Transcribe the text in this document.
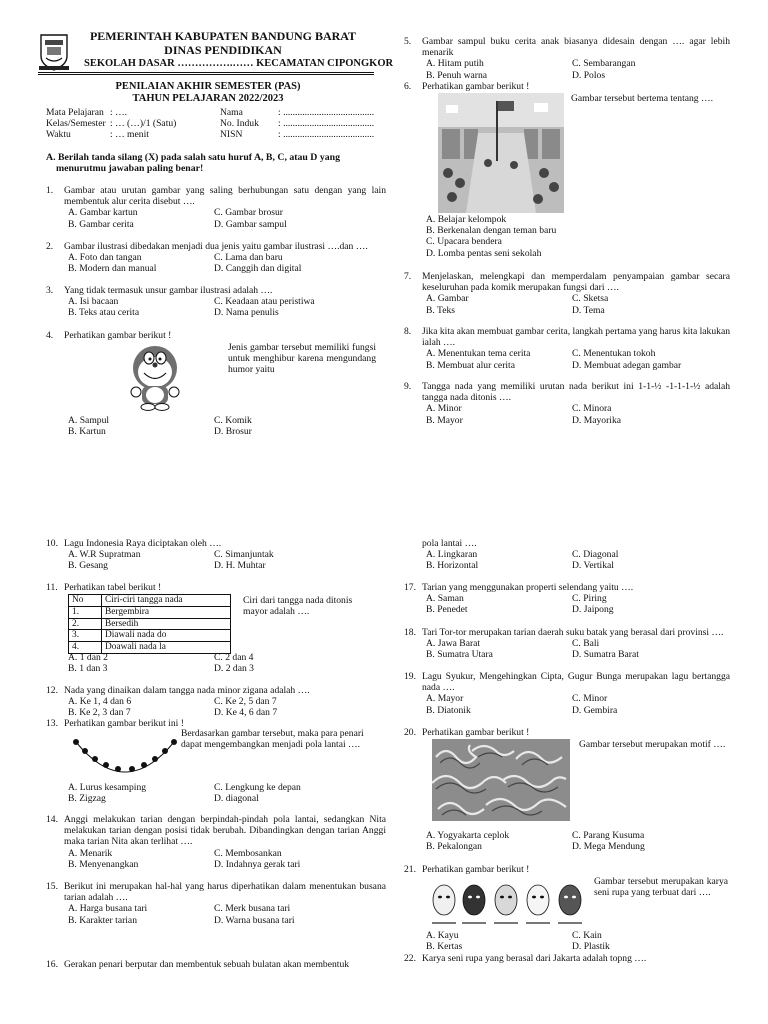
PEMERINTAH KABUPATEN BANDUNG BARAT
DINAS PENDIDIKAN
SEKOLAH DASAR …………….…… KECAMATAN CIPONGKOR
PENILAIAN AKHIR SEMESTER (PAS)
TAHUN PELAJARAN 2022/2023
Mata Pelajaran : ….	Nama	: ......................................
Kelas/Semester : … (…)/1 (Satu)	No. Induk : ......................................
Waktu	: … menit	NISN	: ......................................
A. Berilah tanda silang (X) pada salah satu huruf A, B, C, atau D yang
menurutmu jawaban paling benar!
1.	Gambar atau urutan gambar yang saling berhubungan satu dengan yang lain membentuk alur cerita disebut ….
A. Gambar kartun	C. Gambar brosur
B. Gambar cerita	D. Gambar sampul
2.	Gambar ilustrasi dibedakan menjadi dua jenis yaitu gambar ilustrasi ….dan ….
A. Foto dan tangan	C. Lama dan baru
B. Modern dan manual	D. Canggih dan digital
3.	Yang tidak termasuk unsur gambar ilustrasi adalah ….
A. Isi bacaan	C. Keadaan atau peristiwa
B. Teks atau cerita	D. Nama penulis
4.	Perhatikan gambar berikut !
Jenis gambar tersebut memiliki fungsi untuk menghibur karena mengundang humor yaitu
A. Sampul	C. Komik
B. Kartun	D. Brosur
10. Lagu Indonesia Raya diciptakan oleh ….
A. W.R Supratman	C. Simanjuntak
B. Gesang	D. H. Muhtar
11. Perhatikan tabel berikut !
No	Ciri-ciri tangga nada
1.	Bergembira
2.	Bersedih
3.	Diawali nada do
4.	Doawali nada la
Ciri dari tangga nada ditonis mayor adalah ….
A. 1 dan 2	C. 2 dan 4
B. 1 dan 3	D. 2 dan 3
12. Nada yang dinaikan dalam tangga nada minor zigana adalah ….
A. Ke 1, 4 dan 6	C. Ke 2, 5 dan 7
B. Ke 2, 3 dan 7	D. Ke 4, 6 dan 7
13. Perhatikan gambar berikut ini !
Berdasarkan gambar tersebut, maka para penari dapat mengembangkan menjadi pola lantai ….
A. Lurus kesamping	C. Lengkung ke depan
B. Zigzag	D. diagonal
14. Anggi melakukan tarian dengan berpindah-pindah pola lantai, sedangkan Nita melakukan tarian dengan posisi tidak berubah. Dibandingkan dengan tarian Anggi maka tarian Nita akan terlihat ….
A. Menarik	C. Membosankan
B. Menyenangkan	D. Indahnya gerak tari
15. Berikut ini merupakan hal-hal yang harus diperhatikan dalam menentukan busana tarian adalah ….
A. Harga busana tari	C. Merk busana tari
B. Karakter tarian	D. Warna busana tari
16. Gerakan penari berputar dan membentuk sebuah bulatan akan membentuk
5.	Gambar sampul buku cerita anak biasanya didesain dengan …. agar lebih menarik
A. Hitam putih	C. Sembarangan
B. Penuh warna	D. Polos
6.	Perhatikan gambar berikut !
Gambar tersebut bertema tentang ….
A. Belajar kelompok
B. Berkenalan dengan teman baru
C. Upacara bendera
D. Lomba pentas seni sekolah
7.	Menjelaskan, melengkapi dan memperdalam penyampaian gambar secara keseluruhan pada komik merupakan fungsi dari ….
A. Gambar	C. Sketsa
B. Teks	D. Tema
8.	Jika kita akan membuat gambar cerita, langkah pertama yang harus kita lakukan ialah ….
A. Menentukan tema cerita	C. Menentukan tokoh
B. Membuat alur cerita	D. Membuat adegan gambar
9.	Tangga nada yang memiliki urutan nada berikut ini 1-1-½ -1-1-1-½ adalah tangga nada ditonis ….
A. Minor	C. Minora
B. Mayor	D. Mayorika
pola lantai ….
A. Lingkaran	C. Diagonal
B. Horizontal	D. Vertikal
17. Tarian yang menggunakan properti selendang yaitu ….
A. Saman	C. Piring
B. Penedet	D. Jaipong
18. Tari Tor-tor merupakan tarian daerah suku batak yang berasal dari provinsi ….
A. Jawa Barat	C. Bali
B. Sumatra Utara	D. Sumatra Barat
19. Lagu Syukur, Mengehingkan Cipta, Gugur Bunga merupakan lagu bertangga nada ….
A. Mayor	C. Minor
B. Diatonik	D. Gembira
20. Perhatikan gambar berikut !
Gambar tersebut merupakan motif ….
A. Yogyakarta ceplok	C. Parang Kusuma
B. Pekalongan	D. Mega Mendung
21. Perhatikan gambar berikut !
Gambar tersebut merupakan karya seni rupa yang terbuat dari ….
A. Kayu	C. Kain
B. Kertas	D. Plastik
22. Karya seni rupa yang berasal dari Jakarta adalah topng ….
